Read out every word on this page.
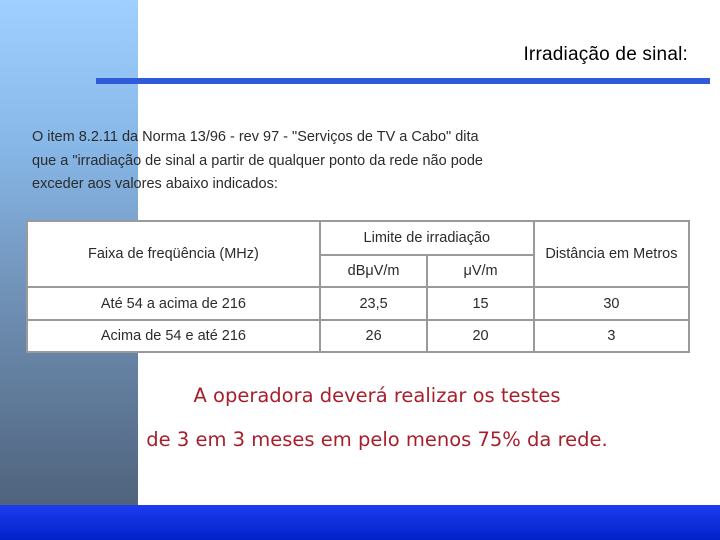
Irradiação de sinal:

O item 8.2.11 da Norma 13/96 - rev 97 - "Serviços de TV a Cabo" dita

que a "irradiação de sinal a partir de qualquer ponto da rede não pode

exceder aos valores abaixo indicados:

Faixa de freqüência (MHz)	Limite de irradiação		Distância em Metros
	dBμV/m	μV/m	
Até 54 a acima de 216	23,5	15	30
Acima de 54 e até 216	26	20	3
A operadora deverá realizar os testes
de 3 em 3 meses em pelo menos 75% da rede.
